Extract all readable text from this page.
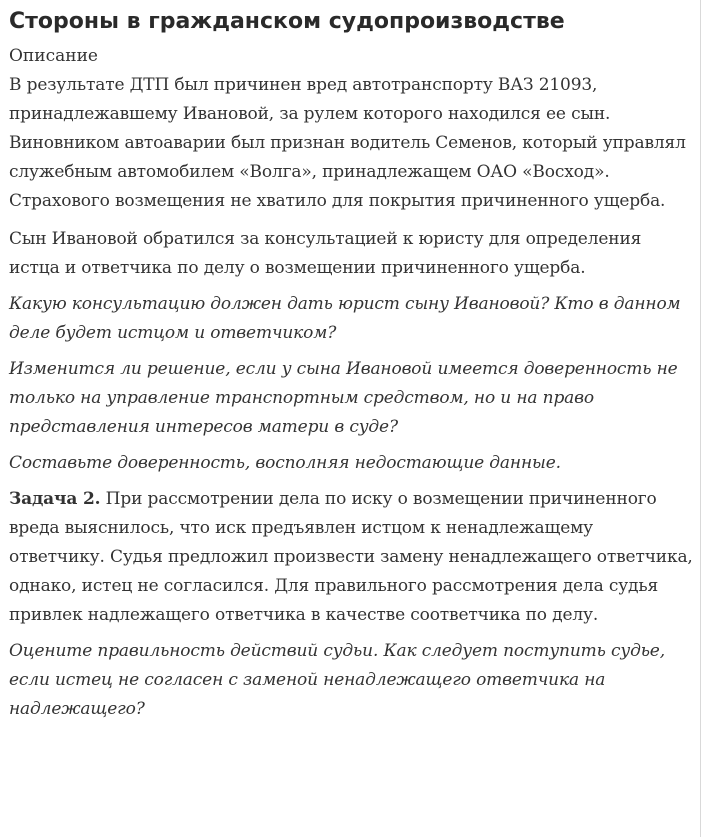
Стороны в гражданском судопроизводстве
Описание

В результате ДТП был причинен вред автотранспорту ВАЗ 21093, принадлежавшему Ивановой, за рулем которого находился ее сын. Виновником автоаварии был признан водитель Семенов, который управлял служебным автомобилем «Волга», принадлежащем ОАО «Восход». Страхового возмещения не хватило для покрытия причиненного ущерба.

Сын Ивановой обратился за консультацией к юристу для определения истца и ответчика по делу о возмещении причиненного ущерба.

Какую консультацию должен дать юрист сыну Ивановой? Кто в данном деле будет истцом и ответчиком?

Изменится ли решение, если у сына Ивановой имеется доверенность не только на управление транспортным средством, но и на право представления интересов матери в суде?

Составьте доверенность, восполняя недостающие данные.

Задача 2. При рассмотрении дела по иску о возмещении причиненного вреда выяснилось, что иск предъявлен истцом к ненадлежащему ответчику. Судья предложил произвести замену ненадлежащего ответчика, однако, истец не согласился. Для правильного рассмотрения дела судья привлек надлежащего ответчика в качестве соответчика по делу.

Оцените правильность действий судьи. Как следует поступить судье, если истец не согласен с заменой ненадлежащего ответчика на надлежащего?
